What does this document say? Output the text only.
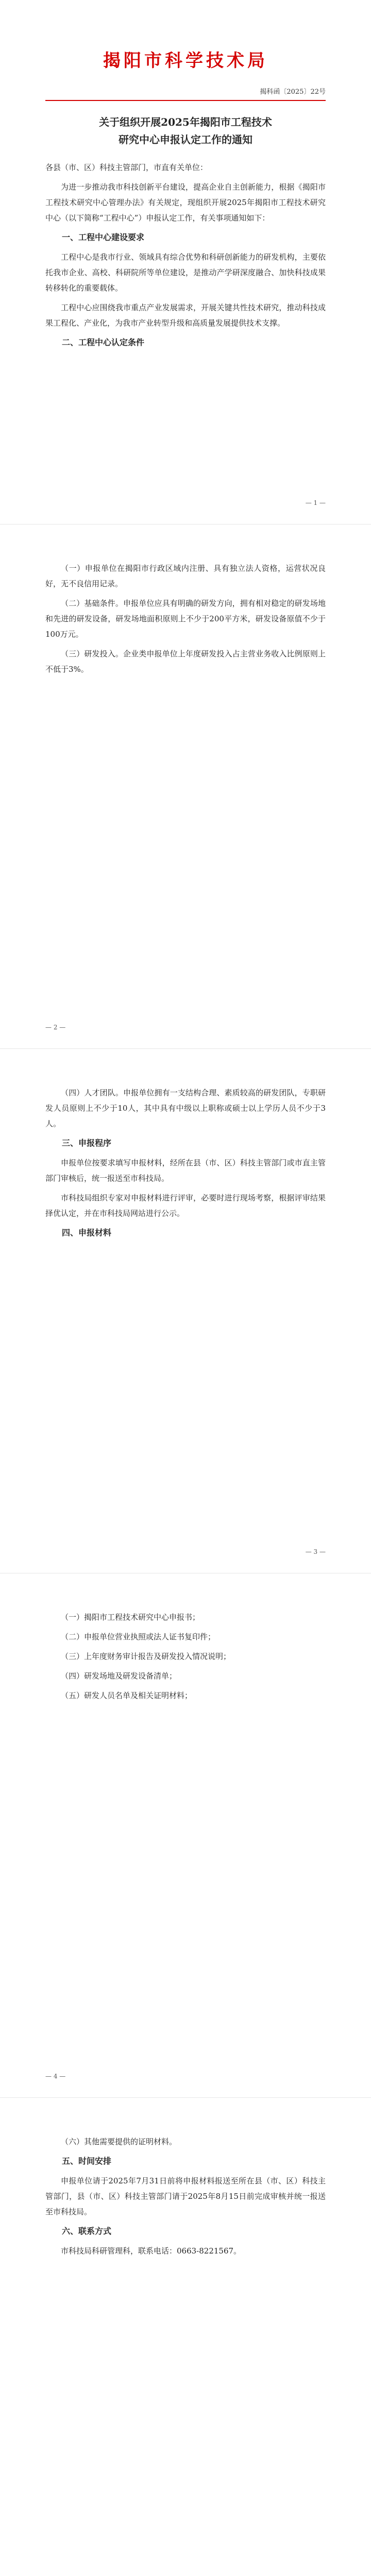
揭阳市科学技术局
揭科函〔2025〕22号
关于组织开展2025年揭阳市工程技术
研究中心申报认定工作的通知

各县（市、区）科技主管部门，市直有关单位：

为进一步推动我市科技创新平台建设，提高企业自主创新能力，根据《揭阳市工程技术研究中心管理办法》有关规定，现组织开展2025年揭阳市工程技术研究中心（以下简称“工程中心”）申报认定工作，有关事项通知如下：

一、工程中心建设要求

工程中心是我市行业、领域具有综合优势和科研创新能力的研发机构，主要依托我市企业、高校、科研院所等单位建设，是推动产学研深度融合、加快科技成果转移转化的重要载体。

工程中心应围绕我市重点产业发展需求，开展关键共性技术研究，推动科技成果工程化、产业化，为我市产业转型升级和高质量发展提供技术支撑。

二、工程中心认定条件
— 1 —

（一）申报单位在揭阳市行政区域内注册、具有独立法人资格，运营状况良好，无不良信用记录。

（二）基础条件。申报单位应具有明确的研发方向，拥有相对稳定的研发场地和先进的研发设备，研发场地面积原则上不少于200平方米，研发设备原值不少于100万元。

（三）研发投入。企业类申报单位上年度研发投入占主营业务收入比例原则上不低于3%。

— 2 —

（四）人才团队。申报单位拥有一支结构合理、素质较高的研发团队，专职研发人员原则上不少于10人，其中具有中级以上职称或硕士以上学历人员不少于3人。

三、申报程序

申报单位按要求填写申报材料，经所在县（市、区）科技主管部门或市直主管部门审核后，统一报送至市科技局。

市科技局组织专家对申报材料进行评审，必要时进行现场考察，根据评审结果择优认定，并在市科技局网站进行公示。

四、申报材料
— 3 —

（一）揭阳市工程技术研究中心申报书；

（二）申报单位营业执照或法人证书复印件；

（三）上年度财务审计报告及研发投入情况说明；

（四）研发场地及研发设备清单；

（五）研发人员名单及相关证明材料；

— 4 —

（六）其他需要提供的证明材料。

五、时间安排

申报单位请于2025年7月31日前将申报材料报送至所在县（市、区）科技主管部门，县（市、区）科技主管部门请于2025年8月15日前完成审核并统一报送至市科技局。

六、联系方式

市科技局科研管理科，联系电话：0663-8221567。
